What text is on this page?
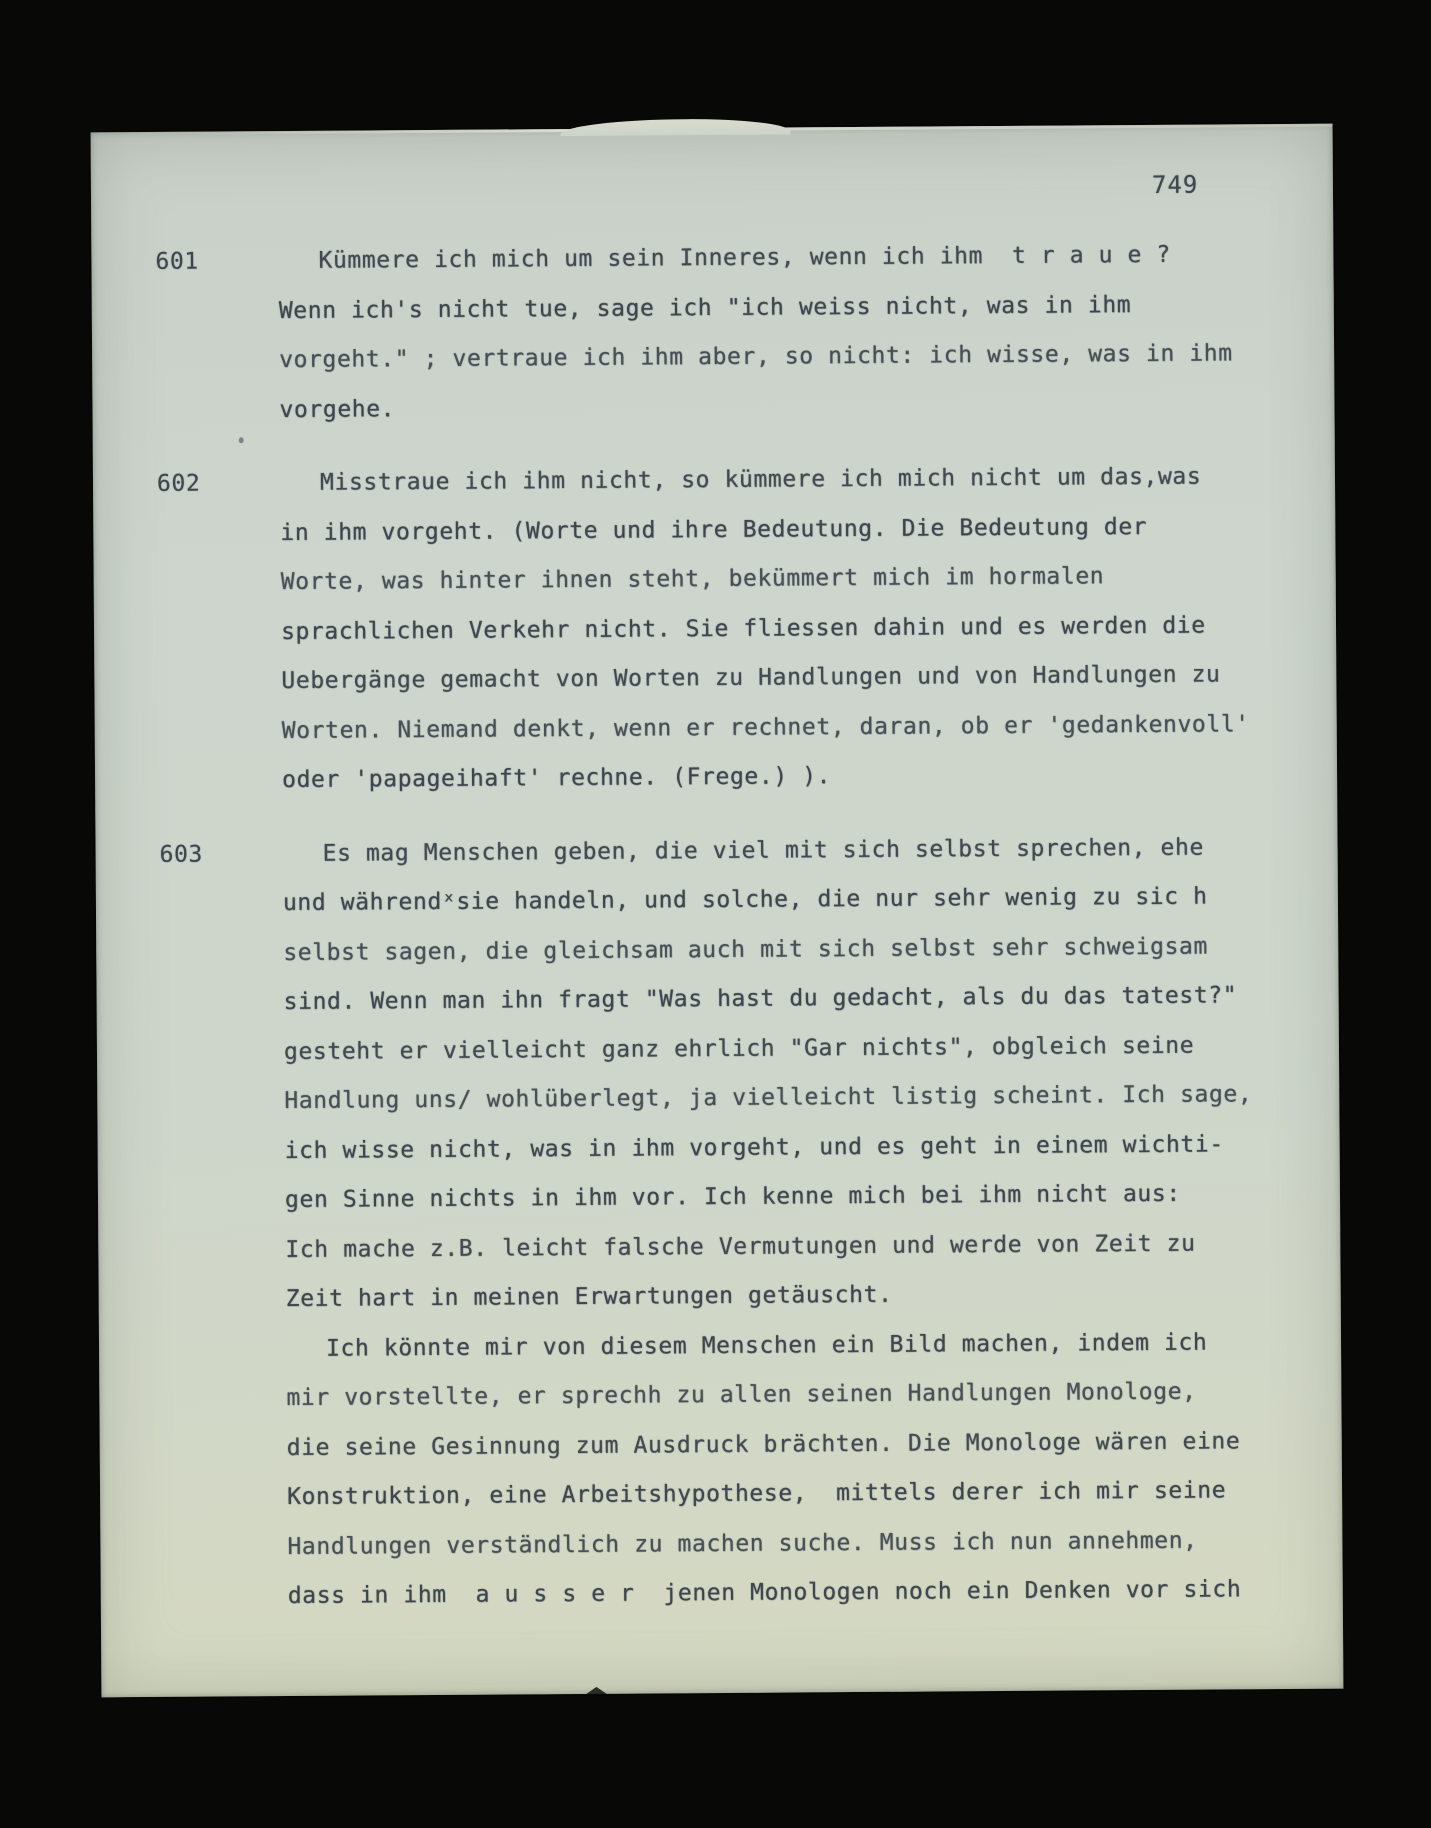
749
601	Kümmere ich mich um sein Inneres, wenn ich ihm  t r a u e ?
Wenn ich's nicht tue, sage ich "ich weiss nicht, was in ihm
vorgeht." ; vertraue ich ihm aber, so nicht: ich wisse, was in ihm
vorgehe.
602	Misstraue ich ihm nicht, so kümmere ich mich nicht um das,was
in ihm vorgeht. (Worte und ihre Bedeutung. Die Bedeutung der
Worte, was hinter ihnen steht, bekümmert mich im hormalen
sprachlichen Verkehr nicht. Sie fliessen dahin und es werden die
Uebergänge gemacht von Worten zu Handlungen und von Handlungen zu
Worten. Niemand denkt, wenn er rechnet, daran, ob er 'gedankenvoll'
oder 'papageihaft' rechne. (Frege.) ).
603	Es mag Menschen geben, die viel mit sich selbst sprechen, ehe
und währendˣsie handeln, und solche, die nur sehr wenig zu sic h
selbst sagen, die gleichsam auch mit sich selbst sehr schweigsam
sind. Wenn man ihn fragt "Was hast du gedacht, als du das tatest?"
gesteht er vielleicht ganz ehrlich "Gar nichts", obgleich seine
Handlung uns/ wohlüberlegt, ja vielleicht listig scheint. Ich sage,
ich wisse nicht, was in ihm vorgeht, und es geht in einem wichti-
gen Sinne nichts in ihm vor. Ich kenne mich bei ihm nicht aus:
Ich mache z.B. leicht falsche Vermutungen und werde von Zeit zu
Zeit hart in meinen Erwartungen getäuscht.
Ich könnte mir von diesem Menschen ein Bild machen, indem ich
mir vorstellte, er sprechh zu allen seinen Handlungen Monologe,
die seine Gesinnung zum Ausdruck brächten. Die Monologe wären eine
Konstruktion, eine Arbeitshypothese,  mittels derer ich mir seine
Handlungen verständlich zu machen suche. Muss ich nun annehmen,
dass in ihm  a u s s e r  jenen Monologen noch ein Denken vor sich
